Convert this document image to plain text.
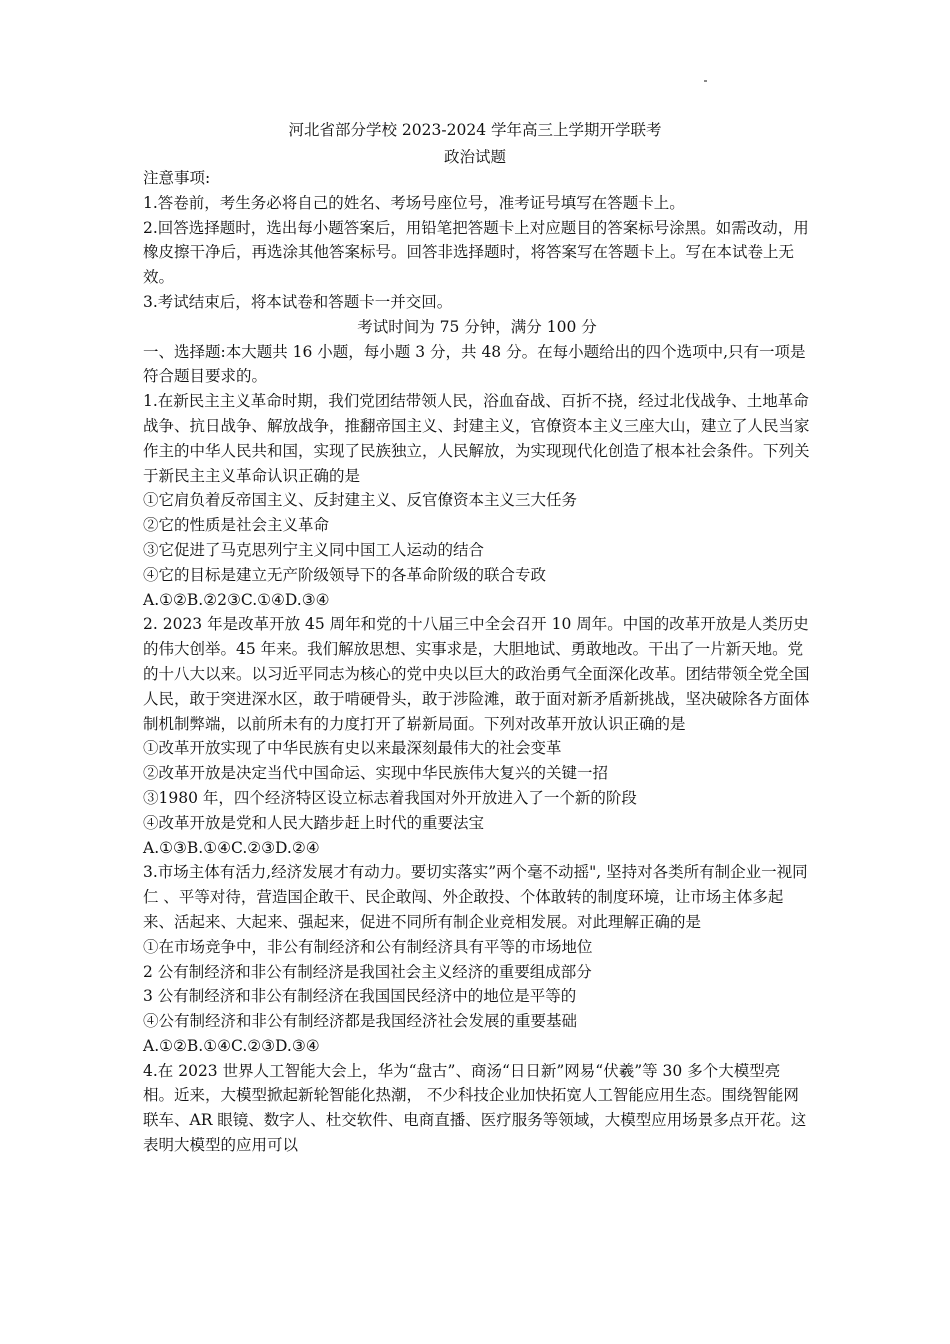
河北省部分学校 2023-2024 学年高三上学期开学联考
政治试题

注意事项:

1.答卷前，考生务必将自己的姓名、考场号座位号，准考证号填写在答题卡上。

2.回答选择题时，选出每小题答案后，用铅笔把答题卡上对应题目的答案标号涂黑。如需改动，用橡皮擦干净后，再选涂其他答案标号。回答非选择题时，将答案写在答题卡上。写在本试卷上无效。

3.考试结束后，将本试卷和答题卡一并交回。

考试时间为 75 分钟，满分 100 分

一、选择题:本大题共 16 小题，每小题 3 分，共 48 分。在每小题给出的四个选项中,只有一项是符合题目要求的。

1.在新民主主义革命时期，我们党团结带领人民，浴血奋战、百折不挠，经过北伐战争、土地革命战争、抗日战争、解放战争，推翻帝国主义、封建主义，官僚资本主义三座大山，建立了人民当家作主的中华人民共和国，实现了民族独立，人民解放，为实现现代化创造了根本社会条件。下列关于新民主主义革命认识正确的是

①它肩负着反帝国主义、反封建主义、反官僚资本主义三大任务

②它的性质是社会主义革命

③它促进了马克思列宁主义同中国工人运动的结合

④它的目标是建立无产阶级领导下的各革命阶级的联合专政

A.①②B.②2③C.①④D.③④

2. 2023 年是改革开放 45 周年和党的十八届三中全会召开 10 周年。中国的改革开放是人类历史的伟大创举。45 年来。我们解放思想、实事求是，大胆地试、勇敢地改。干出了一片新天地。党的十八大以来。以习近平同志为核心的党中央以巨大的政治勇气全面深化改革。团结带领全党全国人民，敢于突进深水区，敢于啃硬骨头，敢于涉险滩，敢于面对新矛盾新挑战，坚决破除各方面体制机制弊端，以前所未有的力度打开了崭新局面。下列对改革开放认识正确的是

①改革开放实现了中华民族有史以来最深刻最伟大的社会变革

②改革开放是决定当代中国命运、实现中华民族伟大复兴的关键一招

③1980 年，四个经济特区设立标志着我国对外开放进入了一个新的阶段

④改革开放是党和人民大踏步赶上时代的重要法宝

A.①③B.①④C.②③D.②④

3.市场主体有活力,经济发展才有动力。要切实落实”两个毫不动摇", 坚持对各类所有制企业一视同仁 、平等对待，营造国企敢干、民企敢闯、外企敢投、个体敢转的制度环境，让市场主体多起来、活起来、大起来、强起来，促进不同所有制企业竞相发展。对此理解正确的是

①在市场竞争中，非公有制经济和公有制经济具有平等的市场地位

2 公有制经济和非公有制经济是我国社会主义经济的重要组成部分

3 公有制经济和非公有制经济在我国国民经济中的地位是平等的

④公有制经济和非公有制经济都是我国经济社会发展的重要基础

A.①②B.①④C.②③D.③④

4.在 2023 世界人工智能大会上，华为“盘古”、商汤“日日新”网易“伏羲”等 30 多个大模型亮相。近来，大模型掀起新轮智能化热潮， 不少科技企业加快拓宽人工智能应用生态。围绕智能网联车、AR 眼镜、数字人、杜交软件、电商直播、医疗服务等领域，大模型应用场景多点开花。这表明大模型的应用可以
